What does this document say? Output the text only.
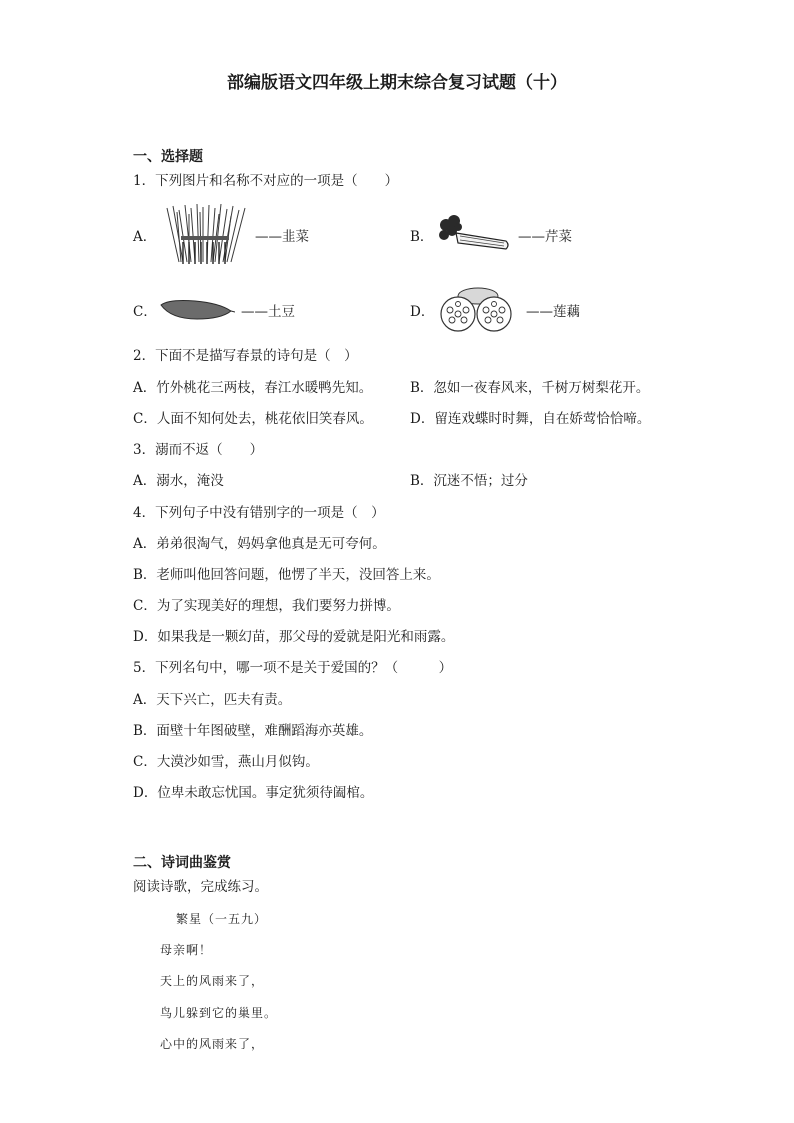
部编版语文四年级上期末综合复习试题（十）
一、选择题
1．下列图片和名称不对应的一项是（　　）
A．	——韭菜	B．	——芹菜
C．	——土豆	D．	——莲藕
2．下面不是描写春景的诗句是（　）
A．竹外桃花三两枝，春江水暖鸭先知。	B．忽如一夜春风来，千树万树梨花开。
C．人面不知何处去，桃花依旧笑春风。	D．留连戏蝶时时舞，自在娇莺恰恰啼。
3．溺而不返（　　）
A．溺水，淹没	B．沉迷不悟；过分
4．下列句子中没有错别字的一项是（　）
A．弟弟很淘气，妈妈拿他真是无可夸何。
B．老师叫他回答问题，他愣了半天，没回答上来。
C．为了实现美好的理想，我们要努力拼博。
D．如果我是一颗幻苗，那父母的爱就是阳光和雨露。
5．下列名句中，哪一项不是关于爱国的？（　　　）
A．天下兴亡，匹夫有责。
B．面壁十年图破壁，难酬蹈海亦英雄。
C．大漠沙如雪，燕山月似钩。
D．位卑未敢忘忧国。事定犹须待阖棺。
二、诗词曲鉴赏
阅读诗歌，完成练习。
繁星（一五九）
母亲啊！
天上的风雨来了，
鸟儿躲到它的巢里。
心中的风雨来了，
